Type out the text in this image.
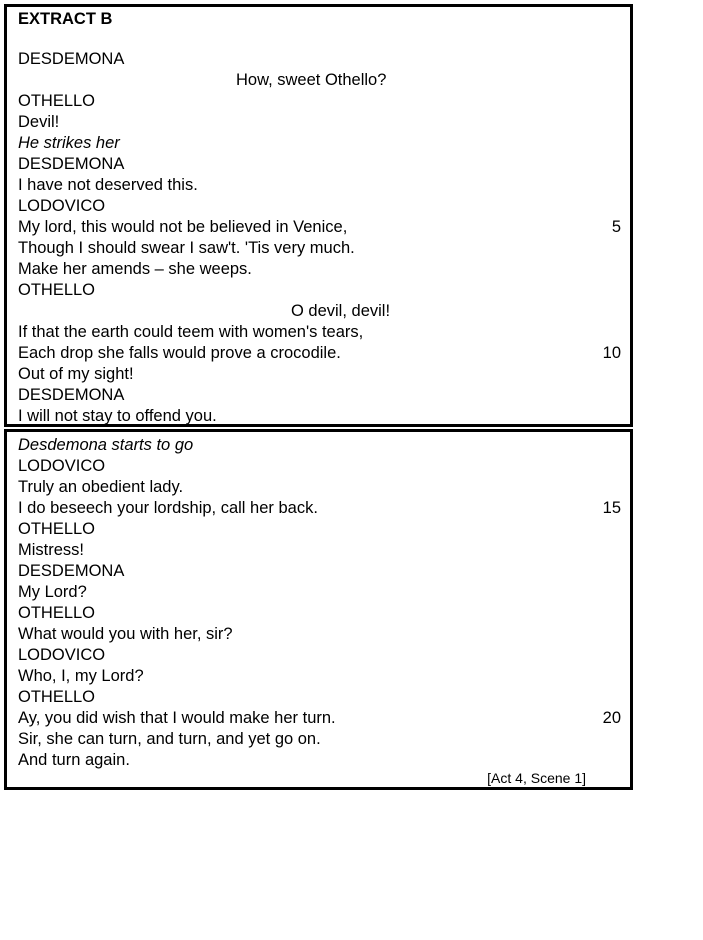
EXTRACT B
DESDEMONA
How, sweet Othello?
OTHELLO
Devil!
He strikes her
DESDEMONA
I have not deserved this.
LODOVICO
My lord, this would not be believed in Venice,	5
Though I should swear I saw't. 'Tis very much.
Make her amends – she weeps.
OTHELLO
O devil, devil!
If that the earth could teem with women's tears,
Each drop she falls would prove a crocodile.	10
Out of my sight!
DESDEMONA
I will not stay to offend you.
Desdemona starts to go
LODOVICO
Truly an obedient lady.
I do beseech your lordship, call her back.	15
OTHELLO
Mistress!
DESDEMONA
My Lord?
OTHELLO
What would you with her, sir?
LODOVICO
Who, I, my Lord?
OTHELLO
Ay, you did wish that I would make her turn.	20
Sir, she can turn, and turn, and yet go on.
And turn again.
[Act 4, Scene 1]
